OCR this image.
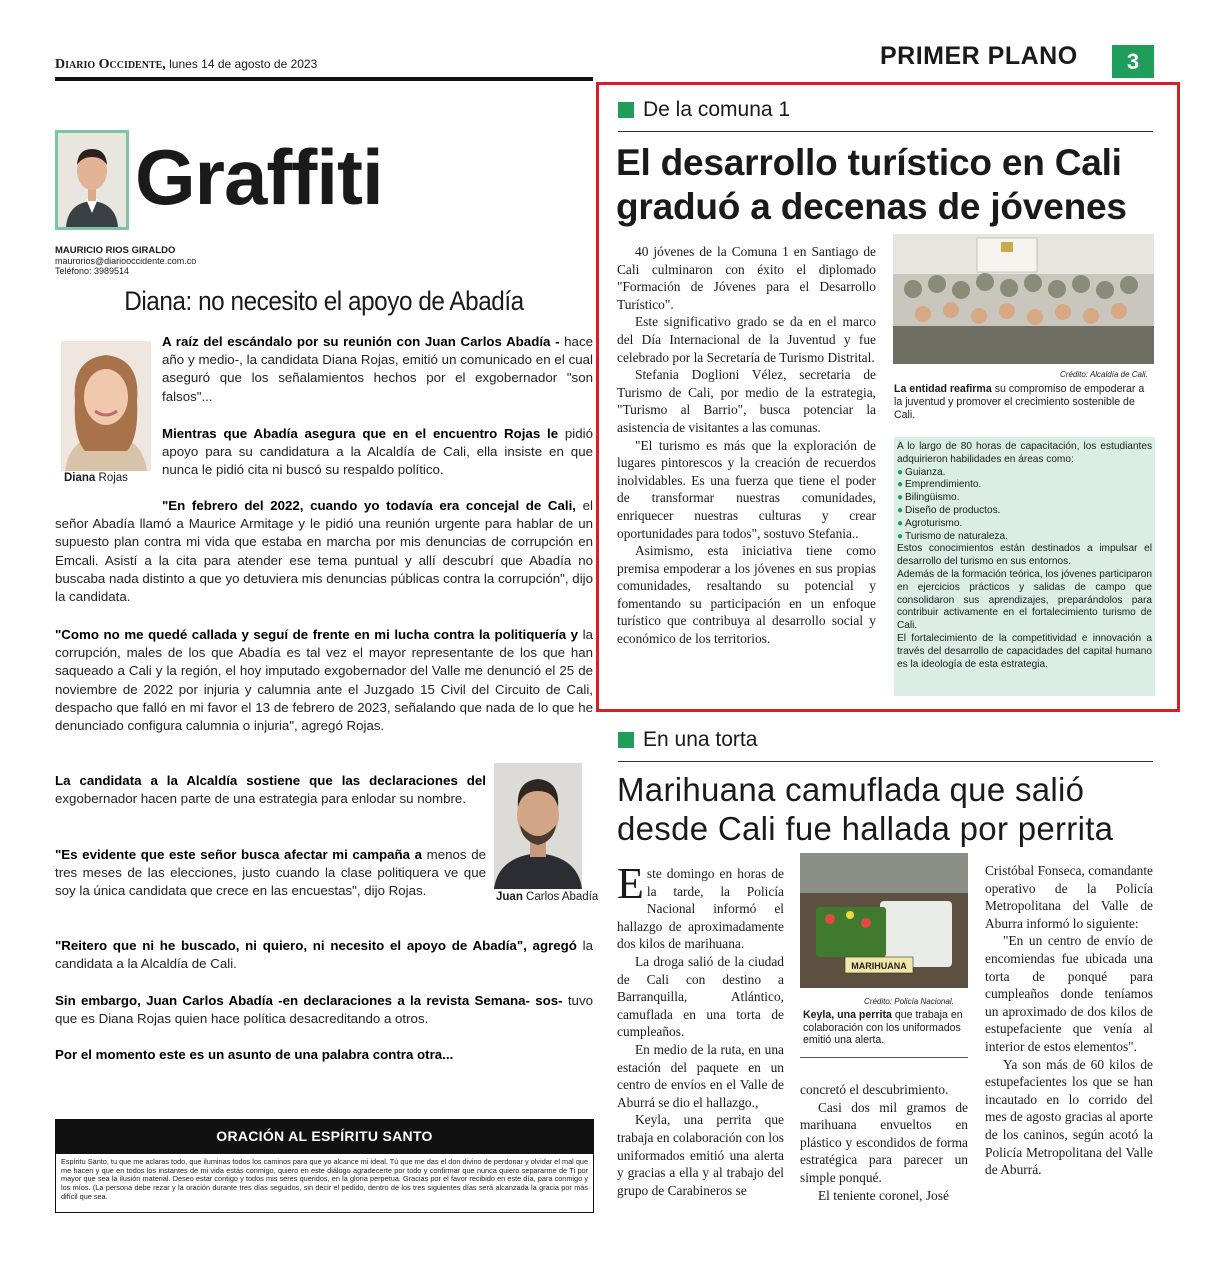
Diario Occidente, lunes 14 de agosto de 2023	PRIMER PLANO	3
Graffiti
MAURICIO RIOS GIRALDO
maurorios@diariooccidente.com.co
Teléfono: 3989514
Diana: no necesito el apoyo de Abadía
Diana Rojas
A raíz del escándalo por su reunión con Juan Carlos Abadía - hace año y medio-, la candidata Diana Rojas, emitió un comunicado en el cual aseguró que los señalamientos hechos por el exgobernador "son falsos"...
Mientras que Abadía asegura que en el encuentro Rojas le pidió apoyo para su candidatura a la Alcaldía de Cali, ella insiste en que nunca le pidió cita ni buscó su respaldo político.
"En febrero del 2022, cuando yo todavía era concejal de Cali, el señor Abadía llamó a Maurice Armitage y le pidió una reunión urgente para hablar de un supuesto plan contra mi vida que estaba en marcha por mis denuncias de corrupción en Emcali. Asistí a la cita para atender ese tema puntual y allí descubrí que Abadía no buscaba nada distinto a que yo detuviera mis denuncias públicas contra la corrupción", dijo la candidata.
"Como no me quedé callada y seguí de frente en mi lucha contra la politiquería y la corrupción, males de los que Abadía es tal vez el mayor representante de los que han saqueado a Cali y la región, el hoy imputado exgobernador del Valle me denunció el 25 de noviembre de 2022 por injuria y calumnia ante el Juzgado 15 Civil del Circuito de Cali, despacho que falló en mi favor el 13 de febrero de 2023, señalando que nada de lo que he denunciado configura calumnia o injuria", agregó Rojas.
La candidata a la Alcaldía sostiene que las declaraciones del exgobernador hacen parte de una estrategia para enlodar su nombre.
"Es evidente que este señor busca afectar mi campaña a menos de tres meses de las elecciones, justo cuando la clase politiquera ve que soy la única candidata que crece en las encuestas", dijo Rojas.
"Reitero que ni he buscado, ni quiero, ni necesito el apoyo de Abadía", agregó la candidata a la Alcaldía de Cali.
Sin embargo, Juan Carlos Abadía -en declaraciones a la revista Semana- sos- tuvo que es Diana Rojas quien hace política desacreditando a otros.
Por el momento este es un asunto de una palabra contra otra...
Juan Carlos Abadía
ORACIÓN AL ESPÍRITU SANTO
Espíritu Santo, tu que me aclaras todo, que iluminas todos los caminos para que yo alcance mi ideal. Tú que me das el don divino de perdonar y olvidar el mal que me hacen y que en todos los instantes de mi vida estás conmigo, quiero en este diálogo agradecerte por todo y confirmar que nunca quiero separarme de Ti por mayor que sea la ilusión material. Deseo estar contigo y todos mis seres queridos, en la gloria perpetua. Gracias por el favor recibido en este día, para conmigo y los míos. (La persona debe rezar y la oración durante tres días seguidos, sin decir el pedido, dentro de los tres siguientes días será alcanzada la gracia por más difícil que sea.
De la comuna 1
El desarrollo turístico en Cali graduó a decenas de jóvenes

40 jóvenes de la Comuna 1 en Santiago de Cali culminaron con éxito el diplomado "Formación de Jóvenes para el Desarrollo Turístico".

Este significativo grado se da en el marco del Día Internacional de la Juventud y fue celebrado por la Secretaría de Turismo Distrital.

Stefania Doglioni Vélez, secretaria de Turismo de Cali, por medio de la estrategia, "Turismo al Barrio", busca potenciar la asistencia de visitantes a las comunas.

"El turismo es más que la exploración de lugares pintorescos y la creación de recuerdos inolvidables. Es una fuerza que tiene el poder de transformar nuestras comunidades, enriquecer nuestras culturas y crear oportunidades para todos", sostuvo Stefania..

Asimismo, esta iniciativa tiene como premisa empoderar a los jóvenes en sus propias comunidades, resaltando su potencial y fomentando su participación en un enfoque turístico que contribuya al desarrollo social y económico de los territorios.

Crédito: Alcaldía de Cali.
La entidad reafirma su compromiso de empoderar a la juventud y promover el crecimiento sostenible de Cali.
A lo largo de 80 horas de capacitación, los estudiantes adquirieron habilidades en áreas como:
● Guianza.
● Emprendimiento.
● Bilingüismo.
● Diseño de productos.
● Agroturismo.
● Turismo de naturaleza.
Estos conocimientos están destinados a impulsar el desarrollo del turismo en sus entornos.
Además de la formación teórica, los jóvenes participaron en ejercicios prácticos y salidas de campo que consolidaron sus aprendizajes, preparándolos para contribuir activamente en el fortalecimiento turismo de Cali.
El fortalecimiento de la competitividad e innovación a través del desarrollo de capacidades del capital humano es la ideología de esta estrategia.
En una torta
Marihuana camuflada que salió desde Cali fue hallada por perrita

Este domingo en horas de la tarde, la Policía Nacional informó el hallazgo de aproximadamente dos kilos de marihuana.

La droga salió de la ciudad de Cali con destino a Barranquilla, Atlántico, camuflada en una torta de cumpleaños.

En medio de la ruta, en una estación del paquete en un centro de envíos en el Valle de Aburrá se dio el hallazgo.,

Keyla, una perrita que trabaja en colaboración con los uniformados emitió una alerta y gracias a ella y al trabajo del grupo de Carabineros se

MARIHUANA
Crédito: Policía Nacional.
Keyla, una perrita que trabaja en colaboración con los uniformados emitió una alerta.

concretó el descubrimiento.

Casi dos mil gramos de marihuana envueltos en plástico y escondidos de forma estratégica para parecer un simple ponqué.

El teniente coronel, José

Cristóbal Fonseca, comandante operativo de la Policía Metropolitana del Valle de Aburra informó lo siguiente:

"En un centro de envío de encomiendas fue ubicada una torta de ponqué para cumpleaños donde teníamos un aproximado de dos kilos de estupefaciente que venía al interior de estos elementos".

Ya son más de 60 kilos de estupefacientes los que se han incautado en lo corrido del mes de agosto gracias al aporte de los caninos, según acotó la Policía Metropolitana del Valle de Aburrá.
